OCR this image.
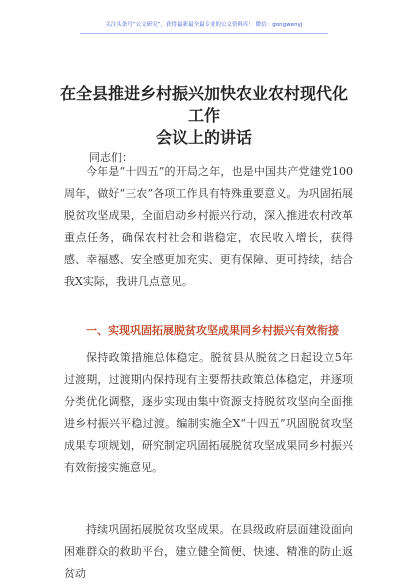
关注头条号“公文研究”，获得最新最全最专业的公文资料库！ 微信：gongwenyj
在全县推进乡村振兴加快农业农村现代化工作
会议上的讲话
同志们：
今年是“十四五”的开局之年，也是中国共产党建党100周年，做好“三农”各项工作具有特殊重要意义。为巩固拓展脱贫攻坚成果，全面启动乡村振兴行动，深入推进农村改革重点任务，确保农村社会和谐稳定，农民收入增长，获得感、幸福感、安全感更加充实、更有保障、更可持续，结合我X实际，我讲几点意见。
一、实现巩固拓展脱贫攻坚成果同乡村振兴有效衔接
保持政策措施总体稳定。脱贫县从脱贫之日起设立5年过渡期，过渡期内保持现有主要帮扶政策总体稳定，并逐项分类优化调整，逐步实现由集中资源支持脱贫攻坚向全面推进乡村振兴平稳过渡。编制实施全X“十四五”巩固脱贫攻坚成果专项规划，研究制定巩固拓展脱贫攻坚成果同乡村振兴有效衔接实施意见。
持续巩固拓展脱贫攻坚成果。在县级政府层面建设面向困难群众的救助平台，建立健全简便、快速、精准的防止返贫动
